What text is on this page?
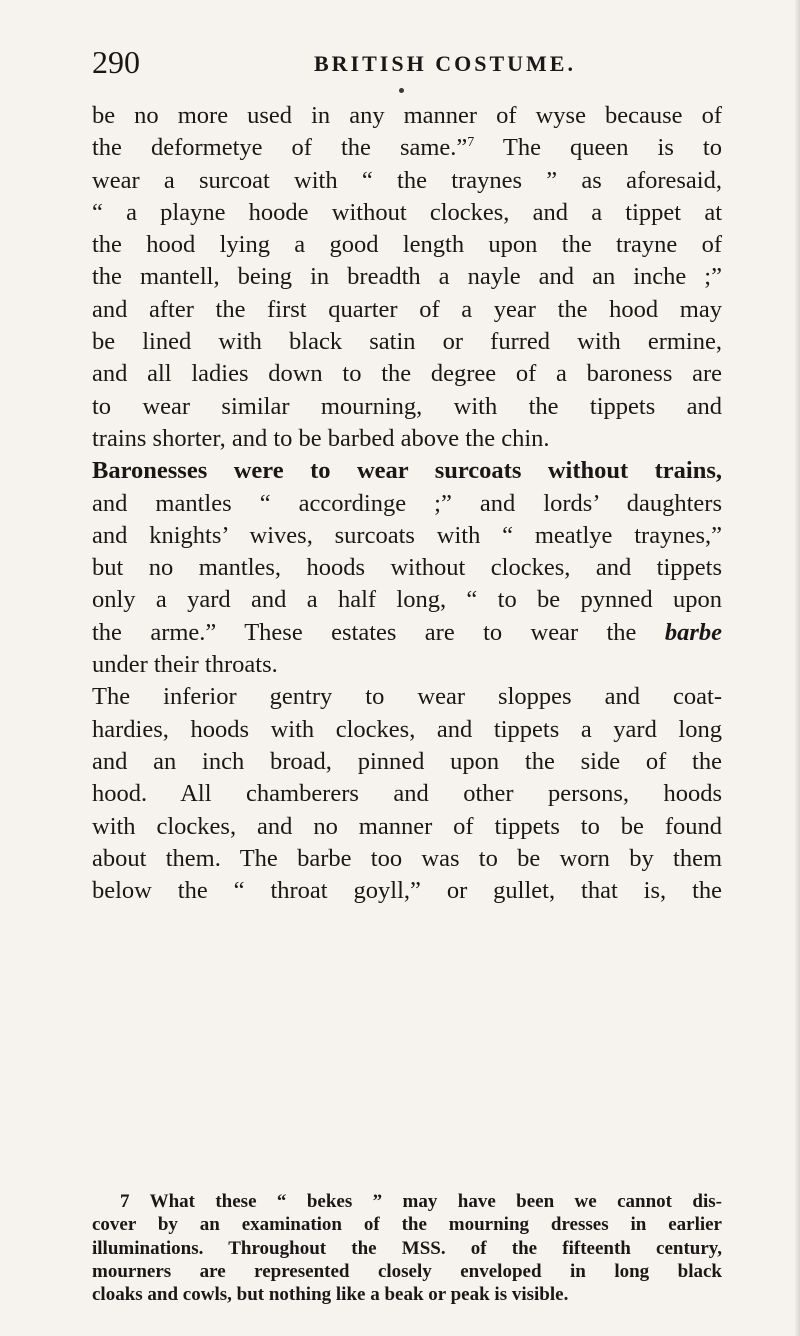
290	BRITISH COSTUME.
be no more used in any manner of wyse because of
the deformetye of the same.”$^7$ The queen is to
wear a surcoat with “ the traynes ” as aforesaid,
“ a playne hoode without clockes, and a tippet at
the hood lying a good length upon the trayne of
the mantell, being in breadth a nayle and an inche ;”
and after the first quarter of a year the hood may
be lined with black satin or furred with ermine,
and all ladies down to the degree of a baroness are
to wear similar mourning, with the tippets and
trains shorter, and to be barbed above the chin.
Baronesses were to wear surcoats without trains,
and mantles “ accordinge ;” and lords’ daughters
and knights’ wives, surcoats with “ meatlye traynes,”
but no mantles, hoods without clockes, and tippets
only a yard and a half long, “ to be pynned upon
the arme.” These estates are to wear the barbe
under their throats.
The inferior gentry to wear sloppes and coat-
hardies, hoods with clockes, and tippets a yard long
and an inch broad, pinned upon the side of the
hood. All chamberers and other persons, hoods
with clockes, and no manner of tippets to be found
about them. The barbe too was to be worn by them
below the “ throat goyll,” or gullet, that is, the
7 What these “ bekes ” may have been we cannot dis-
cover by an examination of the mourning dresses in earlier
illuminations. Throughout the MSS. of the fifteenth century,
mourners are represented closely enveloped in long black
cloaks and cowls, but nothing like a beak or peak is visible.
